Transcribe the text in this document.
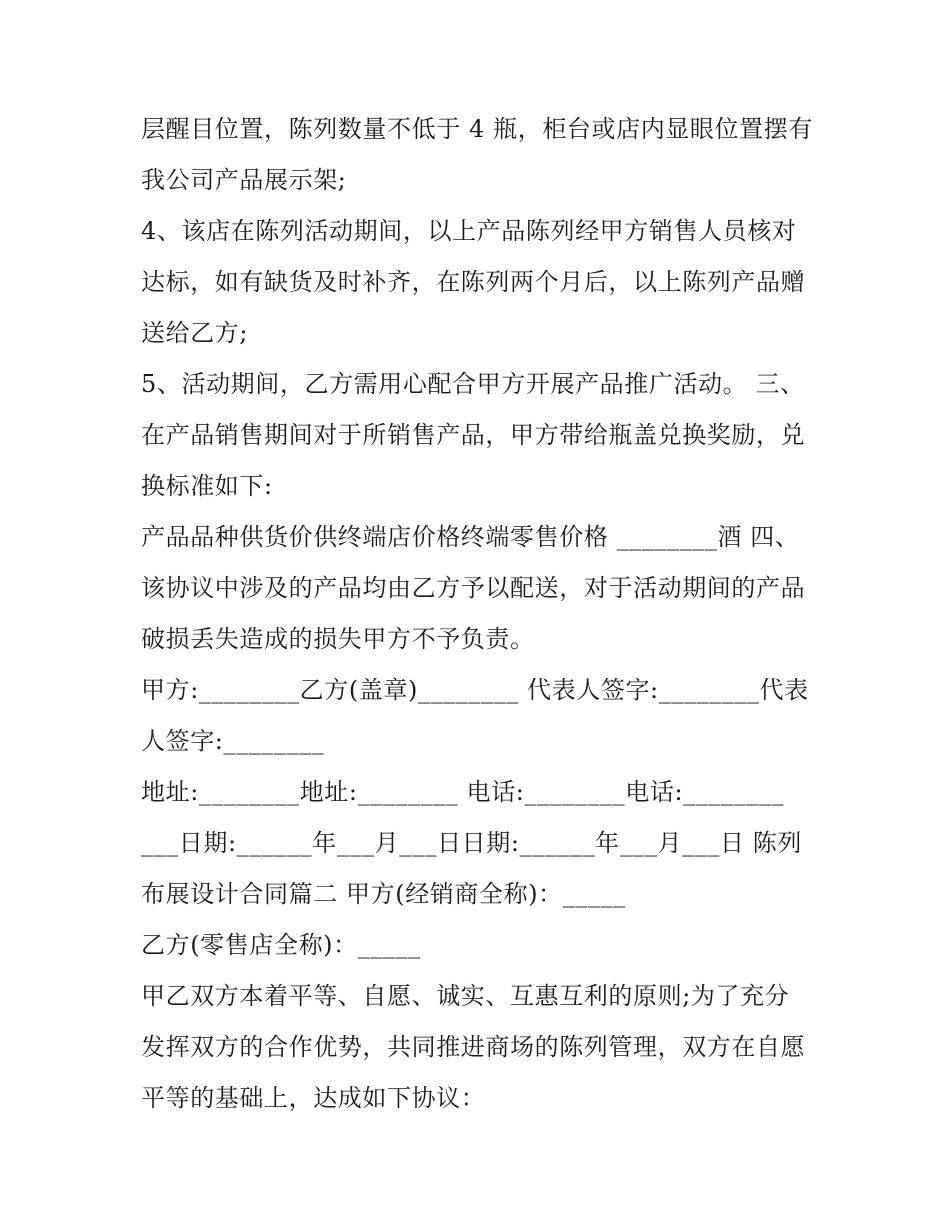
层醒目位置，陈列数量不低于 4 瓶，柜台或店内显眼位置摆有
我公司产品展示架;
4、该店在陈列活动期间，以上产品陈列经甲方销售人员核对
达标，如有缺货及时补齐，在陈列两个月后，以上陈列产品赠
送给乙方;
5、活动期间，乙方需用心配合甲方开展产品推广活动。 三、
在产品销售期间对于所销售产品，甲方带给瓶盖兑换奖励，兑
换标准如下:
产品品种供货价供终端店价格终端零售价格 ________酒 四、
该协议中涉及的产品均由乙方予以配送，对于活动期间的产品
破损丢失造成的损失甲方不予负责。
甲方:________乙方(盖章)________ 代表人签字:________代表
人签字:________
地址:________地址:________ 电话:________电话:________
___日期:______年___月___日日期:______年___月___日 陈列
布展设计合同篇二 甲方(经销商全称)：_____
乙方(零售店全称)：_____
甲乙双方本着平等、自愿、诚实、互惠互利的原则;为了充分
发挥双方的合作优势，共同推进商场的陈列管理，双方在自愿
平等的基础上，达成如下协议：
